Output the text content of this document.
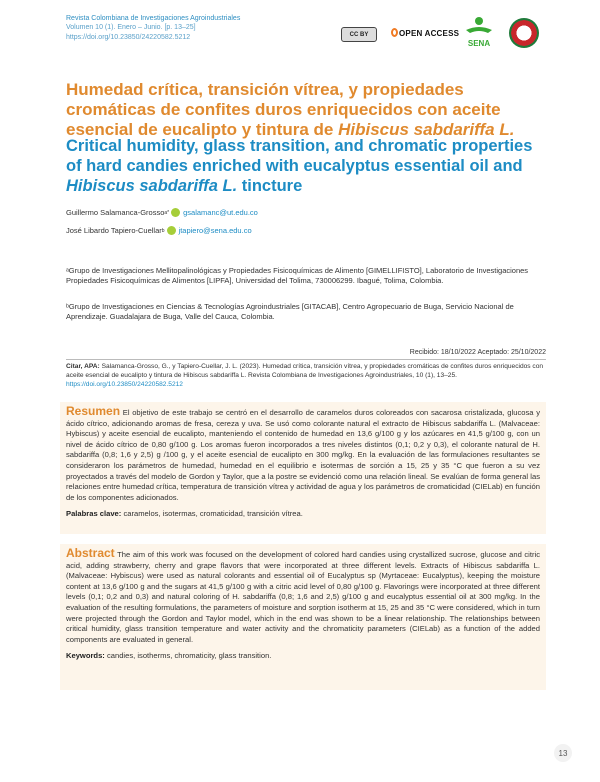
Revista Colombiana de Investigaciones Agroindustriales
Volumen 10 (1). Enero – Junio. [p. 13–25]
https://doi.org/10.23850/24220582.5212	CC BY	OPEN ACCESS
SENA
Humedad crítica, transición vítrea, y propiedades cromáticas de confites duros enriquecidos con aceite esencial de eucalipto y tintura de Hibiscus sabdariffa L.
Critical humidity, glass transition, and chromatic properties of hard candies enriched with eucalyptus essential oil and Hibiscus sabdariffa L. tincture
Guillermo Salamanca-Grosso a* gsalamanc@ut.edu.co
José Libardo Tapiero-Cuellar b jtapiero@sena.edu.co
ᵃGrupo de Investigaciones Mellitopalinológicas y Propiedades Fisicoquímicas de Alimento [GIMELLIFISTO], Laboratorio de Investigaciones Propiedades Fisicoquímicas de Alimentos [LIPFA], Universidad del Tolima, 730006299. Ibagué, Tolima, Colombia.
ᵇGrupo de Investigaciones en Ciencias & Tecnologías Agroindustriales [GITACAB], Centro Agropecuario de Buga, Servicio Nacional de Aprendizaje. Guadalajara de Buga, Valle del Cauca, Colombia.
Recibido: 18/10/2022 Aceptado: 25/10/2022
Citar, APA: Salamanca-Grosso, G., y Tapiero-Cuellar, J. L. (2023). Humedad crítica, transición vítrea, y propiedades cromáticas de confites duros enriquecidos con aceite esencial de eucalipto y tintura de Hibiscus sabdariffa L. Revista Colombiana de Investigaciones Agroindustriales, 10 (1), 13–25. https://doi.org/10.23850/24220582.5212
Resumen El objetivo de este trabajo se centró en el desarrollo de caramelos duros coloreados con sacarosa cristalizada, glucosa y ácido cítrico, adicionando aromas de fresa, cereza y uva. Se usó como colorante natural el extracto de Hibiscus sabdariffa L. (Malvaceae: Hybiscus) y aceite esencial de eucalipto, manteniendo el contenido de humedad en 13,6 g/100 g y los azúcares en 41,5 g/100 g, con un nivel de ácido cítrico de 0,80 g/100 g. Los aromas fueron incorporados a tres niveles distintos (0,1; 0,2 y 0,3), el colorante natural de H. sabdariffa (0,8; 1,6 y 2,5) g /100 g, y el aceite esencial de eucalipto en 300 mg/kg. En la evaluación de las formulaciones resultantes se consideraron los parámetros de humedad, humedad en el equilibrio e isotermas de sorción a 15, 25 y 35 °C que fueron a su vez proyectados a través del modelo de Gordon y Taylor, que a la postre se evidenció como una relación lineal. Se evalúan de forma general las relaciones entre humedad crítica, temperatura de transición vítrea y actividad de agua y los parámetros de cromaticidad (CIELab) en función de los componentes adicionados.
Palabras clave: caramelos, isotermas, cromaticidad, transición vítrea.
Abstract The aim of this work was focused on the development of colored hard candies using crystallized sucrose, glucose and citric acid, adding strawberry, cherry and grape flavors that were incorporated at three different levels. Extracts of Hibiscus sabdariffa L. (Malvaceae: Hybiscus) were used as natural colorants and essential oil of Eucalyptus sp (Myrtaceae: Eucalyptus), keeping the moisture content at 13,6 g/100 g and the sugars at 41,5 g/100 g with a citric acid level of 0,80 g/100 g. Flavorings were incorporated at three different levels (0,1; 0,2 and 0,3) and natural coloring of H. sabdariffa (0,8; 1,6 and 2,5) g/100 g and eucalyptus essential oil at 300 mg/kg. In the evaluation of the resulting formulations, the parameters of moisture and sorption isotherm at 15, 25 and 35 °C were considered, which in turn were projected through the Gordon and Taylor model, which in the end was shown to be a linear relationship. The relationships between critical humidity, glass transition temperature and water activity and the chromaticity parameters (CIELab) as a function of the added components are evaluated in general.
Keywords: candies, isotherms, chromaticity, glass transition.
13
